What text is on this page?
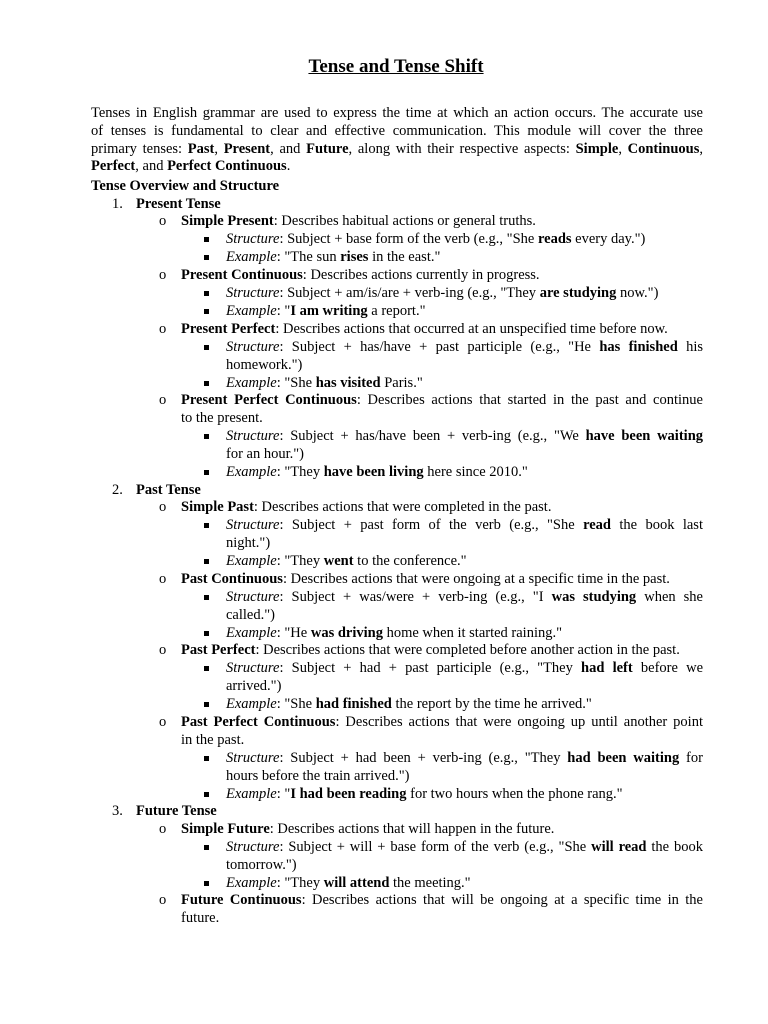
Tense and Tense Shift
Tenses in English grammar are used to express the time at which an action occurs. The accurate use
of tenses is fundamental to clear and effective communication. This module will cover the three
primary tenses: Past, Present, and Future, along with their respective aspects: Simple, Continuous,
Perfect, and Perfect Continuous.
Tense Overview and Structure
1. Present Tense
o Simple Present: Describes habitual actions or general truths.
Structure: Subject + base form of the verb (e.g., "She reads every day.")
Example: "The sun rises in the east."
o Present Continuous: Describes actions currently in progress.
Structure: Subject + am/is/are + verb-ing (e.g., "They are studying now.")
Example: "I am writing a report."
o Present Perfect: Describes actions that occurred at an unspecified time before now.
Structure: Subject + has/have + past participle (e.g., "He has finished his
homework.")
Example: "She has visited Paris."
o Present Perfect Continuous: Describes actions that started in the past and continue
to the present.
Structure: Subject + has/have been + verb-ing (e.g., "We have been waiting
for an hour.")
Example: "They have been living here since 2010."
2. Past Tense
o Simple Past: Describes actions that were completed in the past.
Structure: Subject + past form of the verb (e.g., "She read the book last
night.")
Example: "They went to the conference."
o Past Continuous: Describes actions that were ongoing at a specific time in the past.
Structure: Subject + was/were + verb-ing (e.g., "I was studying when she
called.")
Example: "He was driving home when it started raining."
o Past Perfect: Describes actions that were completed before another action in the past.
Structure: Subject + had + past participle (e.g., "They had left before we
arrived.")
Example: "She had finished the report by the time he arrived."
o Past Perfect Continuous: Describes actions that were ongoing up until another point
in the past.
Structure: Subject + had been + verb-ing (e.g., "They had been waiting for
hours before the train arrived.")
Example: "I had been reading for two hours when the phone rang."
3. Future Tense
o Simple Future: Describes actions that will happen in the future.
Structure: Subject + will + base form of the verb (e.g., "She will read the book
tomorrow.")
Example: "They will attend the meeting."
o Future Continuous: Describes actions that will be ongoing at a specific time in the
future.
